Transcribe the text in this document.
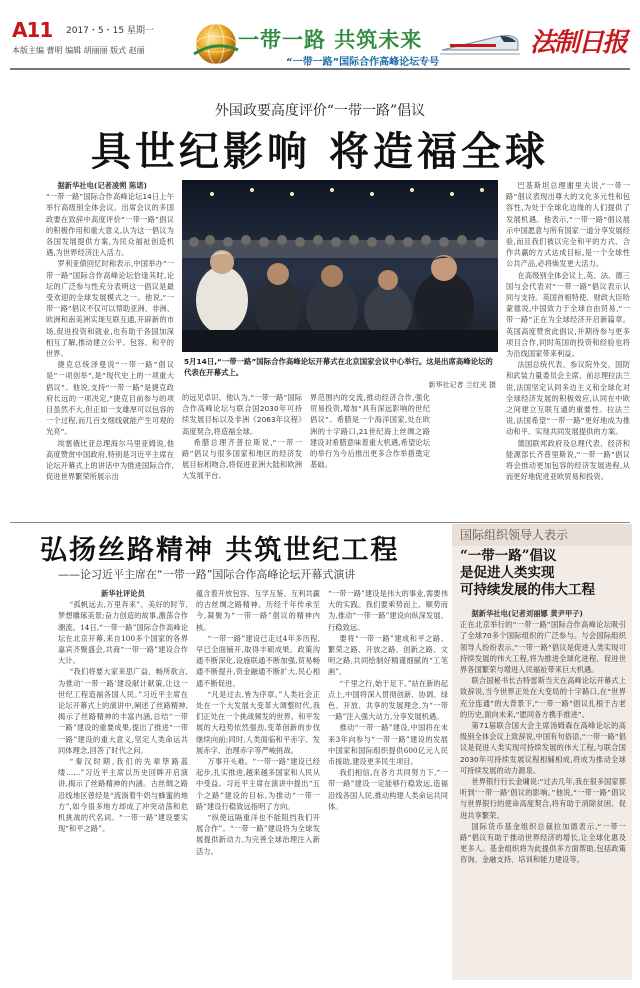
A11 2017・5・15 星期一
本版主编 曹明 编辑 胡丽丽 版式 赵丽	一带一路 共筑未来
“一带一路”国际合作高峰论坛专号
法制日报
外国政要高度评价“一带一路”倡议
具世纪影响 将造福全球
据新华社电(记者凌朔 陈诺)
“一带一路”国际合作高峰论坛14日上午举行高级别全体会议。出席会议的多国政要在致辞中高度评价“一带一路”倡议的积极作用和重大意义,认为这一倡议为各国发展提供方案,为民众福祉创造机遇,为世界经济注入活力。
罗利亚债回忆时称表示,中国举办“一带一路”国际合作高峰论坛恰逢其时,论坛的广泛参与性充分表明这一倡议是最受欢迎的全球发展模式之一。他说,“一带一路”倡议不仅可以帮助亚洲、非洲、欧洲和南美洲实现互联互通,开辟新的市场,促进投资和就业,也有助于各国加深相互了解,推动建立公平、包容、和平的世界。
捷克总统泽曼说“一带一路”倡议是“一项创举”,是“现代史上的一项重大倡议”。他说,支持“一带一路”是捷克政府长远的一项决定,“捷克目前参与的项目虽然不大,但正如一支雄厚可以包容的一个过程,而几百支细线就能产生可观的光亮”。
埃塞俄比亚总理海尔马里亚姆说,他高度赞赏中国政府,特别是习近平主席在论坛开幕式上的讲话中为推进国际合作,促进世界繁荣所展示出
5月14日,“一带一路”国际合作高峰论坛开幕式在北京国家会议中心举行。这是出席高峰论坛的代表在开幕式上。
新华社记者 兰红光 摄
的远见卓识。他认为,“一带一路”国际合作高峰论坛与联合国2030年可持续发展目标以及非洲《2063年议程》高度契合,将造福全球。
希腊总理齐普拉斯说,“一带一路”倡议与很多国家和地区的经济发展目标相吻合,将促进亚洲大陆和欧洲大发展平台。
界范围内的交流,推动经济合作,强化贸易投资,增加“具有深远影响的世纪倡议”。希腊是一个海洋国家,处在欧洲的十字路口,21世纪海上丝绸之路建设对希腊意味着重大机遇,希望论坛的举行为今后推出更多合作举措奠定基础。
巴基斯坦总理谢里夫说,“一带一路”倡议表现出尊大的文化多元性和包容性,为处于全球化边缘的人们提供了发展机遇。他表示,“一带一路”倡议展示中国愿意与所有国家一道分享发展经验,而且我们被以完全和平的方式、合作共赢的方式达成目标,是一个全球性公共产品,必将焕发更大活力。
在高级别全体会议上,英、法、德三国与会代表对“一带一路”倡议表示认同与支持。英国首相特使、财政大臣哈蒙德说,中国致力于全球自由贸易,“一带一路”正在为全球经济开启新篇章。英国高度赞赏此倡议,并期待参与更多项目合作,同时英国的投资和经验也将为沿线国家带来利益。
法国总统代表、参议院外交、国防和武装力量委员会主席、前总理拉法兰说,法国坚定认同多边主义和全球化对全球经济发展的积极效应,认同在中欧之间建立互联互通的重要性。拉法兰说,法国希望“一带一路”更好地成为推动和平、实现共同发展提供的方案。
德国联邦政府及总理代表、经济和能源部长齐普里斯说,“一带一路”倡议将会推动更加包容的经济发展进程,从而更好地促进亚欧贸易和投资。
弘扬丝路精神 共筑世纪工程
——论习近平主席在“一带一路”国际合作高峰论坛开幕式演讲
新华社评论员
“孤帆远去,万里奔来”。美好的时节,梦想雕琢美景;奋力创造的故事,激荡合作潮流。14日,“一带一路”国际合作高峰论坛在北京开幕,来自100多个国家的各界嘉宾齐聚盛会,共商“一带一路”建设合作大计。
“我们将要大家来思广益、畅所欲言,为推动‘一带一路’建设献计献策,让这一世纪工程造福各国人民。”习近平主席在论坛开幕式上的演讲中,阐述了丝路精神,揭示了丝路精神的丰富内涵,总结“一带一路”建设的重要成果,提出了推进“一带一路”建设的重大意义,坚定人类命运共同体理念,回答了时代之问。
“秦汉时期,我们的先辈筚路蓝缕……”习近平主席以历史回眸开启演讲,揭示了丝路精神的内涵。古丝绸之路沿线地区曾经是“流淌着牛奶与蜂蜜的地方”,如今很多地方却成了冲突动荡和危机挑战的代名词。“一带一路”建设要实现“和平之路”。
蕴含着开放包容、互学互鉴、互利共赢的古丝绸之路精神。历经千年传承至今,凝聚为“一带一路”倡议的精神内核。
“一带一路”建设已走过4年多历程,早已全面铺开,取得丰硕成果。政策沟通不断深化,设施联通不断加强,贸易畅通不断提升,资金融通不断扩大,民心相通不断促进。
“凡是过去,皆为序章。”人类社会正处在一个大发展大变革大调整时代,我们正处在一个挑战频发的世界。和平发展的大趋势依然强劲,变革创新的步伐继续向前;同时,人类面临和平赤字、发展赤字、治理赤字等严峻挑战。
万事开头难。“一带一路”建设已经起步,扎实推进,越来越多国家和人民从中受益。习近平主席在演讲中提出“五个之路”建设的目标,为推动“一带一路”建设行稳致远指明了方向。
“纵使远隔重洋也不能阻挡我们开展合作”。“一带一路”建设将为全球发展提供新动力,为完善全球治理注入新活力。
“一带一路”建设是伟大的事业,需要伟大的实践。我们要乘势而上、顺势而为,推动“一带一路”建设向纵深发展、行稳致远。
要将“一带一路”建成和平之路、繁荣之路、开放之路、创新之路、文明之路,共同绘制好精谨细腻的“工笔画”。
“千里之行,始于足下。”站在新的起点上,中国将深入贯彻创新、协调、绿色、开放、共享的发展理念,为“一带一路”注入强大动力,分享发展机遇。
推动“一带一路”建设,中国将在未来3年向参与“一带一路”建设的发展中国家和国际组织提供600亿元人民币援助,建设更多民生项目。
我们相信,在各方共同努力下,“一带一路”建设一定能够行稳致远,造福沿线各国人民,推动构建人类命运共同体。
国际组织领导人表示
“一带一路”倡议
是促进人类实现
可持续发展的伟大工程
据新华社电(记者刘丽娜 黄尹甲子)
正在北京举行的“一带一路”国际合作高峰论坛吸引了全球70多个国际组织的广泛参与。与会国际组织领导人纷纷表示,“一带一路”倡议是促进人类实现可持续发展的伟大工程,将为推进全球化进程、促进世界各国繁荣与增进人民福祉带来巨大机遇。
联合国秘书长古特雷斯当天在高峰论坛开幕式上致辞说,当今世界正处在大变局的十字路口,在“世界充分连通”的大背景下,“一带一路”倡议扎根于古老的历史,面向未来,“愿同各方携手推进”。
第71届联合国大会主席汤姆森在高峰论坛的高级别全体会议上致辞说,中国有句俗语,“一带一路”倡议是促进人类实现可持续发展的伟大工程,与联合国2030年可持续发展议程相辅相成,将成为推动全球可持续发展的动力源泉。
世界银行行长金墉说:“过去几年,我在很多国家都听到‘一带一路’倡议的影响。”他说,“一带一路”倡议与世界银行的使命高度契合,将有助于消除贫困、促进共享繁荣。
国际货币基金组织总裁拉加德表示,“一带一路”倡议有助于推动世界经济的增长,让全球化惠及更多人。基金组织将为此提供多方面帮助,包括政策咨询、金融支持、培训和能力建设等。
